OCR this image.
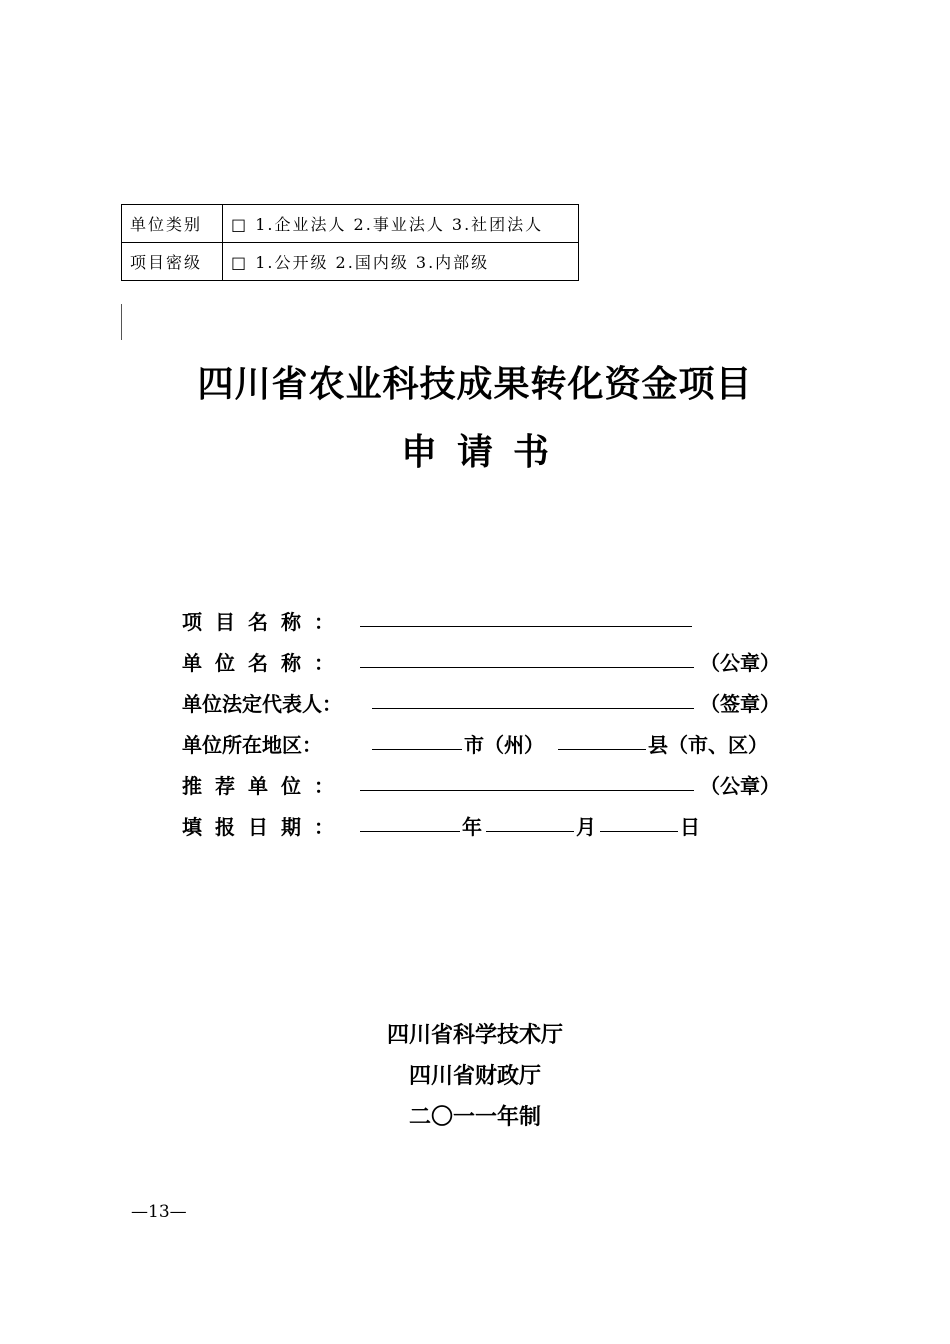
单位类别	□ 1.企业法人 2.事业法人 3.社团法人
项目密级	□ 1.公开级 2.国内级 3.内部级
四川省农业科技成果转化资金项目
申请书
项目名称：
单位名称：	（公章）
单位法定代表人：	（签章）
单位所在地区：	市（州）	县（市、区）
推荐单位：	（公章）
填报日期：	年	月	日
四川省科学技术厅
四川省财政厅
二〇一一年制
—13—
